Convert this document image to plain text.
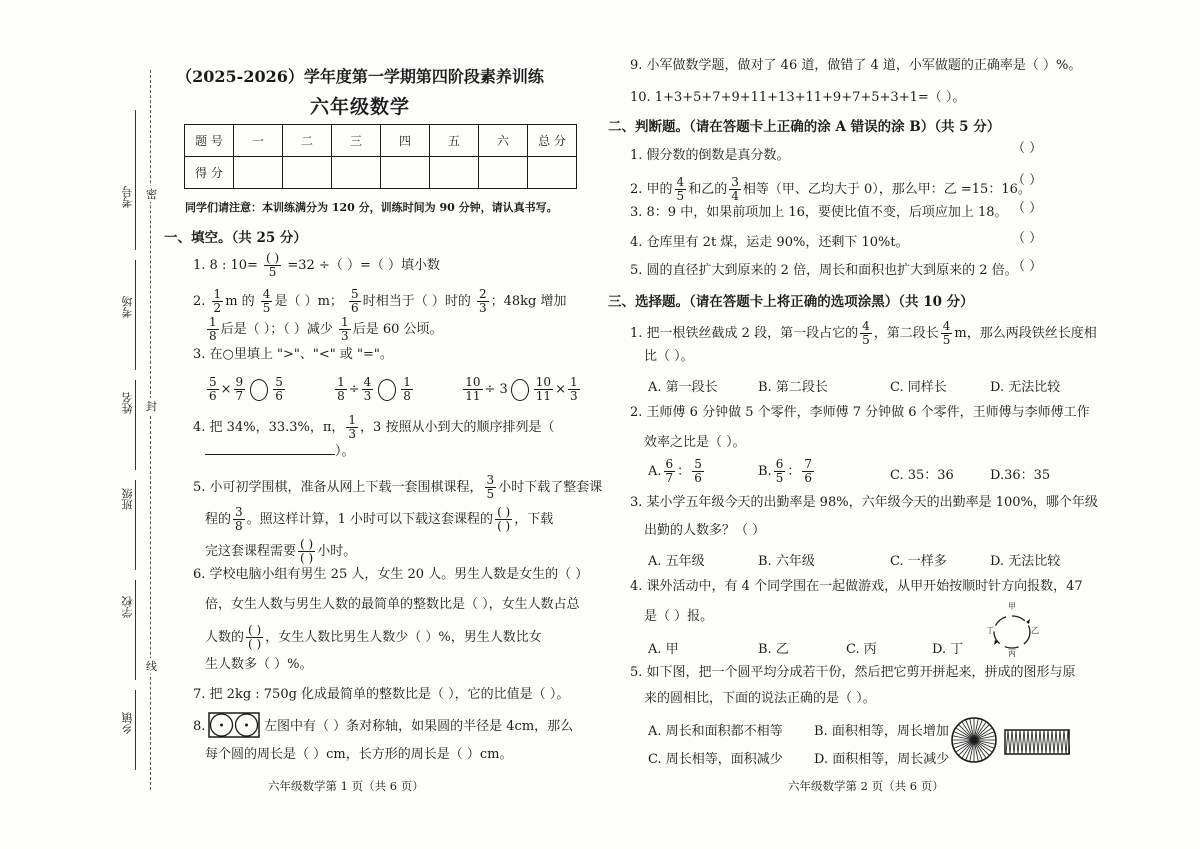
密
封
线
考号
考场
姓名
班级
学校
乡镇
（2025-2026）学年度第一学期第四阶段素养训练
六年级数学
题 号	一	二	三	四	五	六	总 分
得 分							
同学们请注意：本训练满分为 120 分，训练时间为 90 分钟，请认真书写。
一、填空。（共 25 分）
1. 8 : $10= \frac{( )}{5} =32$ ÷（ ）=（ ）填小数
2. $\frac{1}{2}$ m 的 $\frac{4}{5}$ 是（ ）m； $\frac{5}{6}$ 时相当于（ ）时的 $\frac{2}{3}$ ；48kg 增加
$\frac{1}{8}$ 后是（ ）；（ ）减少 $\frac{1}{3}$ 后是 60 公顷。
3. 在○里填上 ">"、"<" 或 "="。
$\frac{5}{6} \times \frac{9}{7} \frac{5}{6}$
	$\frac{1}{8} \div \frac{4}{3} \frac{1}{8}$
	$\frac{10}{11} \div 3 \frac{10}{11} \times \frac{1}{3}$
4. 把 34%，33.3%，π， $\frac{1}{3}$ ，3 按照从小到大的顺序排列是（
）。
5. 小可初学围棋，准备从网上下载一套围棋课程， $\frac{3}{5}$ 小时下载了整套课
程的 $\frac{3}{8}$ 。照这样计算，1 小时可以下载这套课程的 $\frac{( )}{( )}$ ，下载
完这套课程需要 $\frac{( )}{( )}$ 小时。
6. 学校电脑小组有男生 25 人，女生 20 人。男生人数是女生的（ ）
倍，女生人数与男生人数的最简单的整数比是（ ），女生人数占总
人数的 $\frac{( )}{( )}$ ，女生人数比男生人数少（ ）%，男生人数比女
生人数多（ ）%。
7. 把 2kg : 750g 化成最简单的整数比是（ ），它的比值是（ ）。
8.	左图中有（ ）条对称轴，如果圆的半径是 4cm，那么
每个圆的周长是（ ）cm，长方形的周长是（ ）cm。
六年级数学第 1 页（共 6 页）
9. 小军做数学题，做对了 46 道，做错了 4 道，小军做题的正确率是（ ）%。
10. 1+3+5+7+9+11+13+11+9+7+5+3+1=（ ）。
二、判断题。（请在答题卡上正确的涂 A 错误的涂 B）（共 5 分）
1. 假分数的倒数是真分数。	（ ）
2. 甲的 $\frac{4}{5}$ 和乙的 $\frac{3}{4}$ 相等（甲、乙均大于 0），那么甲：乙 =15：16。
（ ）
3. 8：9 中，如果前项加上 16，要使比值不变，后项应加上 18。 （ ）
4. 仓库里有 2t 煤，运走 90%，还剩下 10%t。	（ ）
5. 圆的直径扩大到原来的 2 倍，周长和面积也扩大到原来的 2 倍。
（ ）
三、选择题。（请在答题卡上将正确的选项涂黑）（共 10 分）
1. 把一根铁丝截成 2 段，第一段占它的 $\frac{4}{5}$ ，第二段长 $\frac{4}{5}$ m，那么两段铁丝长度相
比（ ）。
A. 第一段长	B. 第二段长	C. 同样长	D. 无法比较
2. 王师傅 6 分钟做 5 个零件，李师傅 7 分钟做 6 个零件，王师傅与李师傅工作
效率之比是（ ）。
A. $\frac{6}{7}$ ： $\frac{5}{6}$	B. $\frac{6}{5}$ ： $\frac{7}{6}$	C. 35：36	D.36：35
3. 某小学五年级今天的出勤率是 98%，六年级今天的出勤率是 100%，哪个年级
出勤的人数多？（ ）
A. 五年级	B. 六年级	C. 一样多	D. 无法比较
4. 课外活动中，有 4 个同学围在一起做游戏，从甲开始按顺时针方向报数，47
是（ ）报。
A. 甲	B. 乙	C. 丙	D. 丁
甲
乙
丙
丁
5. 如下图，把一个圆平均分成若干份，然后把它剪开拼起来，拼成的图形与原
来的圆相比，下面的说法正确的是（ ）。
A. 周长和面积都不相等 B. 面积相等，周长增加
C. 周长相等，面积减少 D. 面积相等，周长减少
六年级数学第 2 页（共 6 页）
